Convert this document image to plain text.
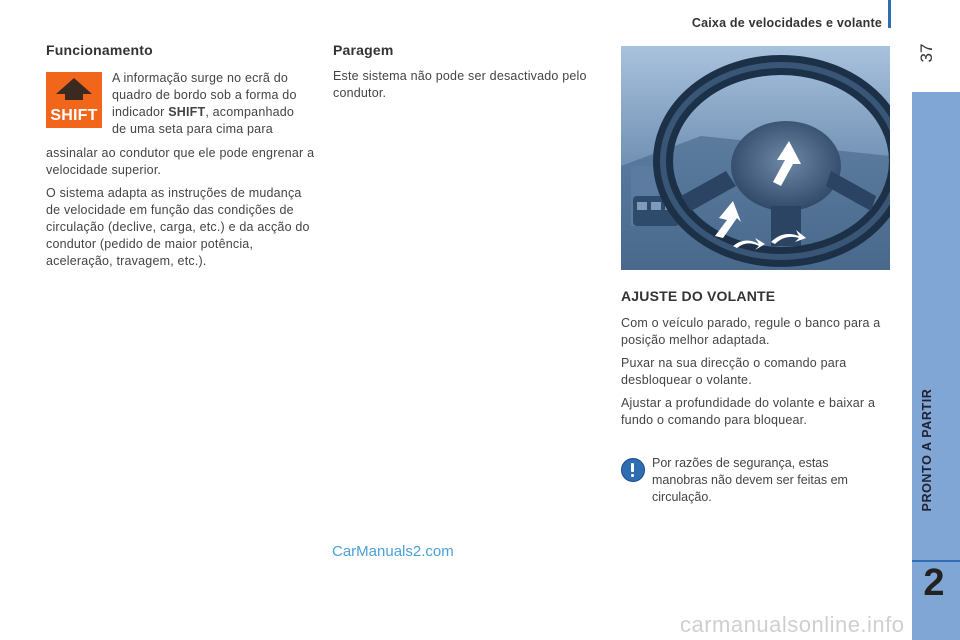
Caixa de velocidades e volante
37
PRONTO A PARTIR
2
Funcionamento
SHIFT
A informação surge no ecrã do
quadro de bordo sob a forma do
indicador SHIFT, acompanhado
de uma seta para cima para

assinalar ao condutor que ele pode engrenar a velocidade superior.

O sistema adapta as instruções de mudança de velocidade em função das condições de circulação (declive, carga, etc.) e da acção do condutor (pedido de maior potência, aceleração, travagem, etc.).

Paragem

Este sistema não pode ser desactivado pelo condutor.

AJUSTE DO VOLANTE

Com o veículo parado, regule o banco para a posição melhor adaptada.

Puxar na sua direcção o comando para desbloquear o volante.

Ajustar a profundidade do volante e baixar a fundo o comando para bloquear.

Por razões de segurança, estas manobras não devem ser feitas em circulação.
CarManuals2.com
carmanualsonline.info
